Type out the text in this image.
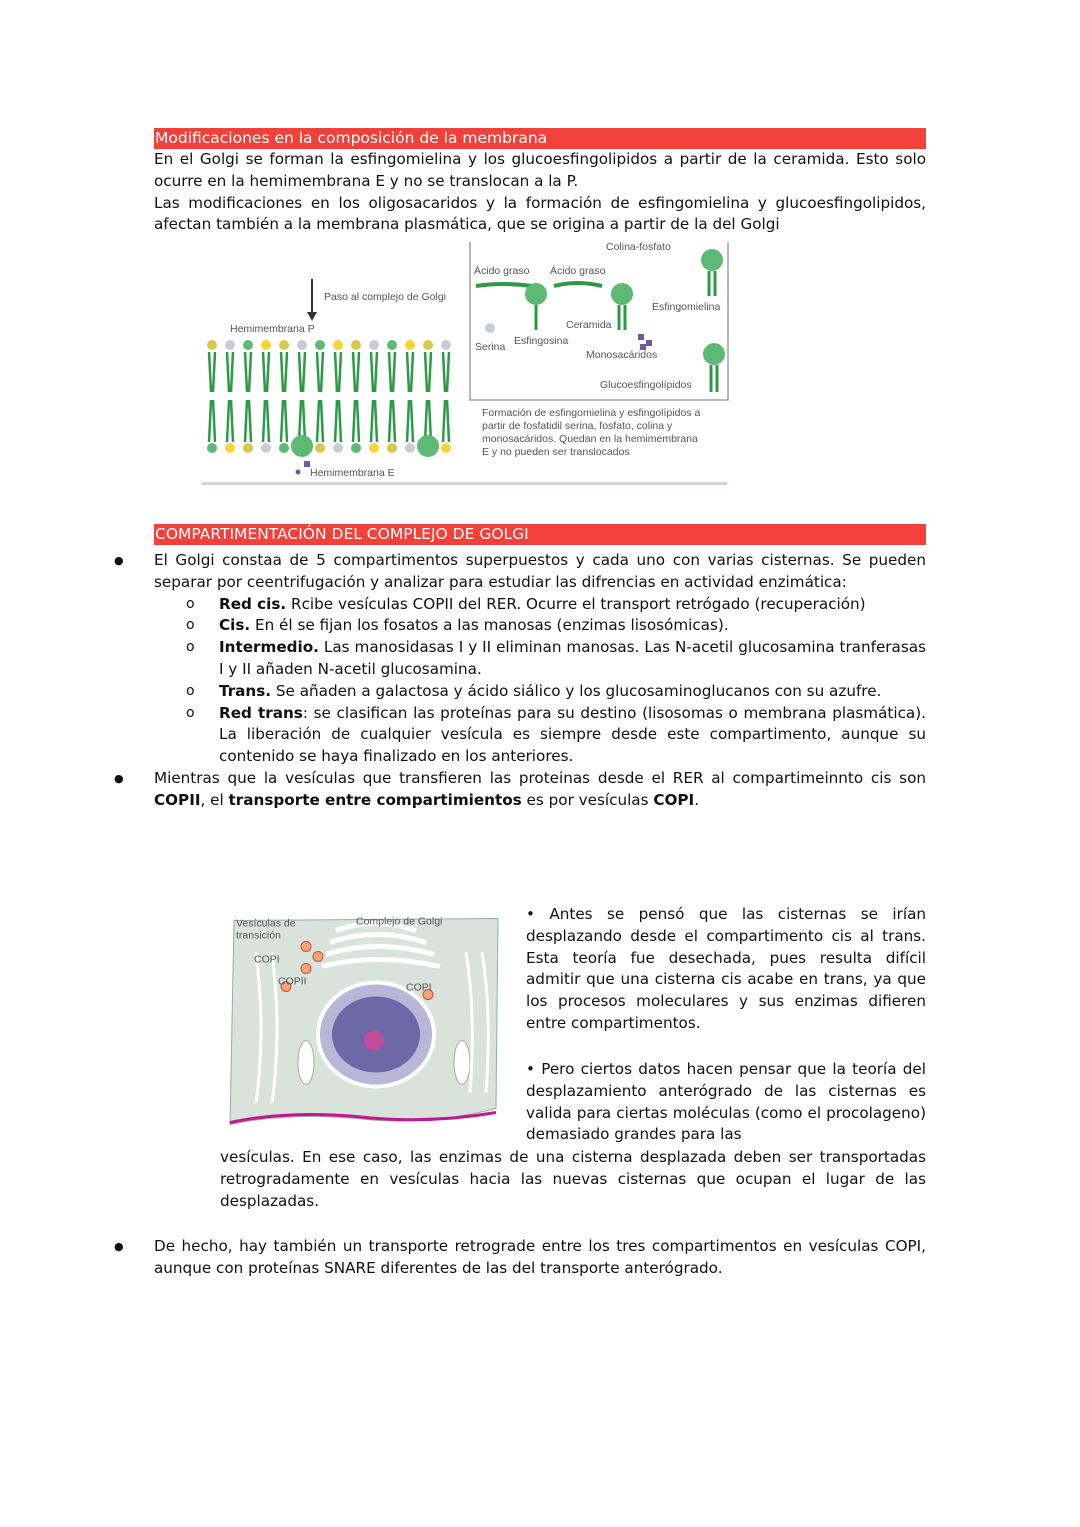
Modificaciones en la composición de la membrana

En el Golgi se forman la esfingomielina y los glucoesfingolipidos a partir de la ceramida. Esto solo ocurre en la hemimembrana E y no se translocan a la P.

Las modificaciones en los oligosacaridos y la formación de esfingomielina y glucoesfingolipidos, afectan también a la membrana plasmática, que se origina a partir de la del Golgi

Paso al complejo de Golgi
Hemimembrana P
Hemimembrana E
Colina-fosfato
Ácido graso Ácido graso
Esfingomielina
Serina Esfingosina
Ceramida
Monosacáridos
Glucoesfingolípidos
Formación de esfingomielina y esfingolípidos a
partir de fosfatidil serina, fosfato, colina y
monosacáridos. Quedan en la hemimembrana
E y no pueden ser translocados
COMPARTIMENTACIÓN DEL COMPLEJO DE GOLGI
● El Golgi constaa de 5 compartimentos superpuestos y cada uno con varias cisternas. Se pueden separar por ceentrifugación y analizar para estudiar las difrencias en actividad enzimática:
o Red cis. Rcibe vesículas COPII del RER. Ocurre el transport retrógado (recuperación)
o Cis. En él se fijan los fosatos a las manosas (enzimas lisosómicas).
o Intermedio. Las manosidasas I y II eliminan manosas. Las N-acetil glucosamina tranferasas I y II añaden N-acetil glucosamina.
o Trans. Se añaden a galactosa y ácido siálico y los glucosaminoglucanos con su azufre.
o Red trans: se clasifican las proteínas para su destino (lisosomas o membrana plasmática). La liberación de cualquier vesícula es siempre desde este compartimento, aunque su contenido se haya finalizado en los anteriores.
● Mientras que la vesículas que transfieren las proteinas desde el RER al compartimeinnto cis son COPII, el transporte entre compartimientos es por vesículas COPI.
Vesículas de
transición
Complejo de Golgi
COPI
COPII	COPI

• Antes se pensó que las cisternas se irían desplazando desde el compartimento cis al trans. Esta teoría fue desechada, pues resulta difícil admitir que una cisterna cis acabe en trans, ya que los procesos moleculares y sus enzimas difieren entre compartimentos.

• Pero ciertos datos hacen pensar que la teoría del desplazamiento anterógrado de las cisternas es valida para ciertas moléculas (como el procolageno) demasiado grandes para las

vesículas. En ese caso, las enzimas de una cisterna desplazada deben ser transportadas retrogradamente en vesículas hacia las nuevas cisternas que ocupan el lugar de las desplazadas.

● De hecho, hay también un transporte retrograde entre los tres compartimentos en vesículas COPI, aunque con proteínas SNARE diferentes de las del transporte anterógrado.
